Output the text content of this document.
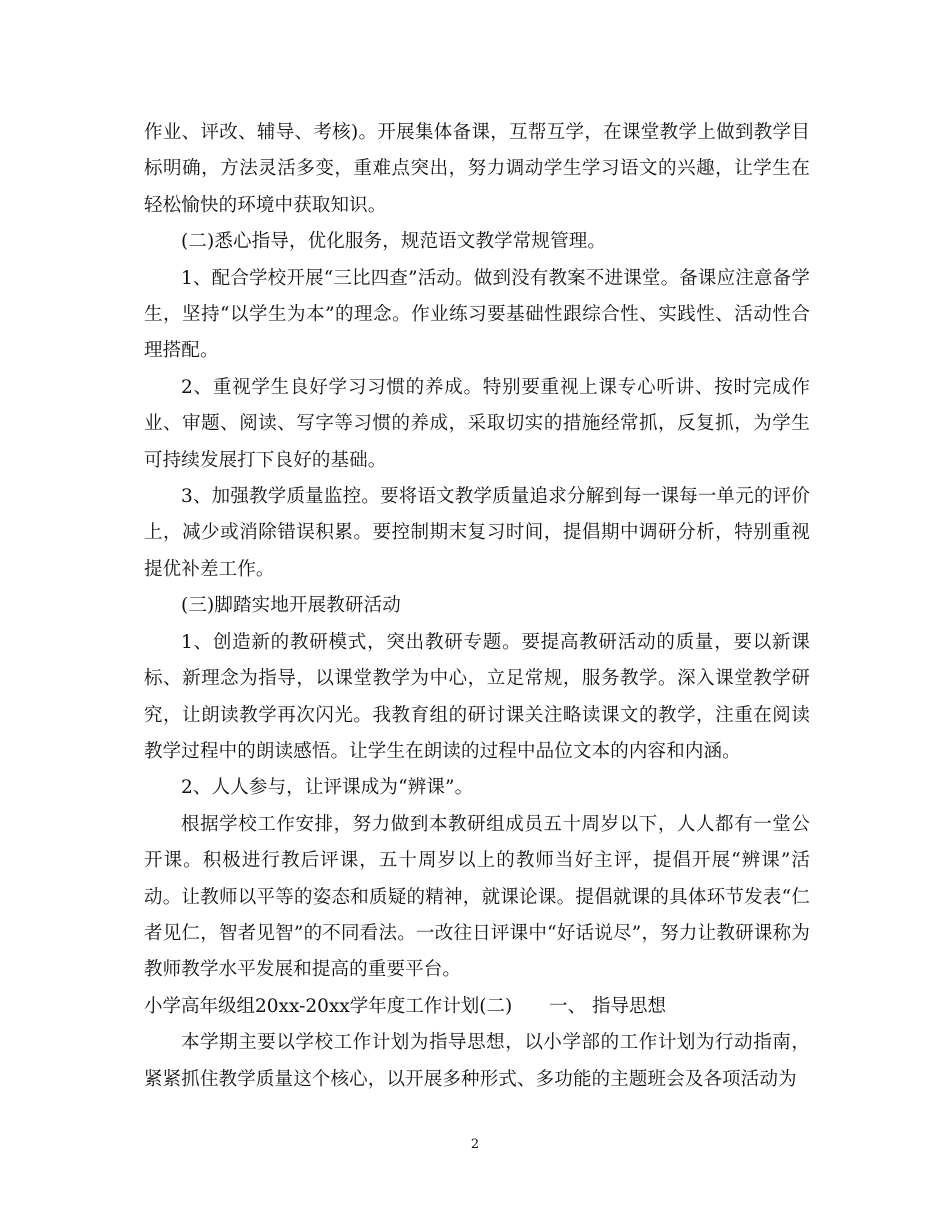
作业、评改、辅导、考核)。开展集体备课，互帮互学，在课堂教学上做到教学目标明确，方法灵活多变，重难点突出，努力调动学生学习语文的兴趣，让学生在轻松愉快的环境中获取知识。

(二)悉心指导，优化服务，规范语文教学常规管理。

1、配合学校开展“三比四查”活动。做到没有教案不进课堂。备课应注意备学生，坚持“以学生为本”的理念。作业练习要基础性跟综合性、实践性、活动性合理搭配。

2、重视学生良好学习习惯的养成。特别要重视上课专心听讲、按时完成作业、审题、阅读、写字等习惯的养成，采取切实的措施经常抓，反复抓，为学生可持续发展打下良好的基础。

3、加强教学质量监控。要将语文教学质量追求分解到每一课每一单元的评价上，减少或消除错误积累。要控制期末复习时间，提倡期中调研分析，特别重视提优补差工作。

(三)脚踏实地开展教研活动

1、创造新的教研模式，突出教研专题。要提高教研活动的质量，要以新课标、新理念为指导，以课堂教学为中心，立足常规，服务教学。深入课堂教学研究，让朗读教学再次闪光。我教育组的研讨课关注略读课文的教学，注重在阅读教学过程中的朗读感悟。让学生在朗读的过程中品位文本的内容和内涵。

2、人人参与，让评课成为“辨课”。

根据学校工作安排，努力做到本教研组成员五十周岁以下，人人都有一堂公开课。积极进行教后评课，五十周岁以上的教师当好主评，提倡开展“辨课”活动。让教师以平等的姿态和质疑的精神，就课论课。提倡就课的具体环节发表“仁者见仁，智者见智”的不同看法。一改往日评课中“好话说尽”，努力让教研课称为教师教学水平发展和提高的重要平台。

小学高年级组20xx-20xx学年度工作计划(二)　　一、 指导思想

本学期主要以学校工作计划为指导思想，以小学部的工作计划为行动指南，紧紧抓住教学质量这个核心，以开展多种形式、多功能的主题班会及各项活动为

2
